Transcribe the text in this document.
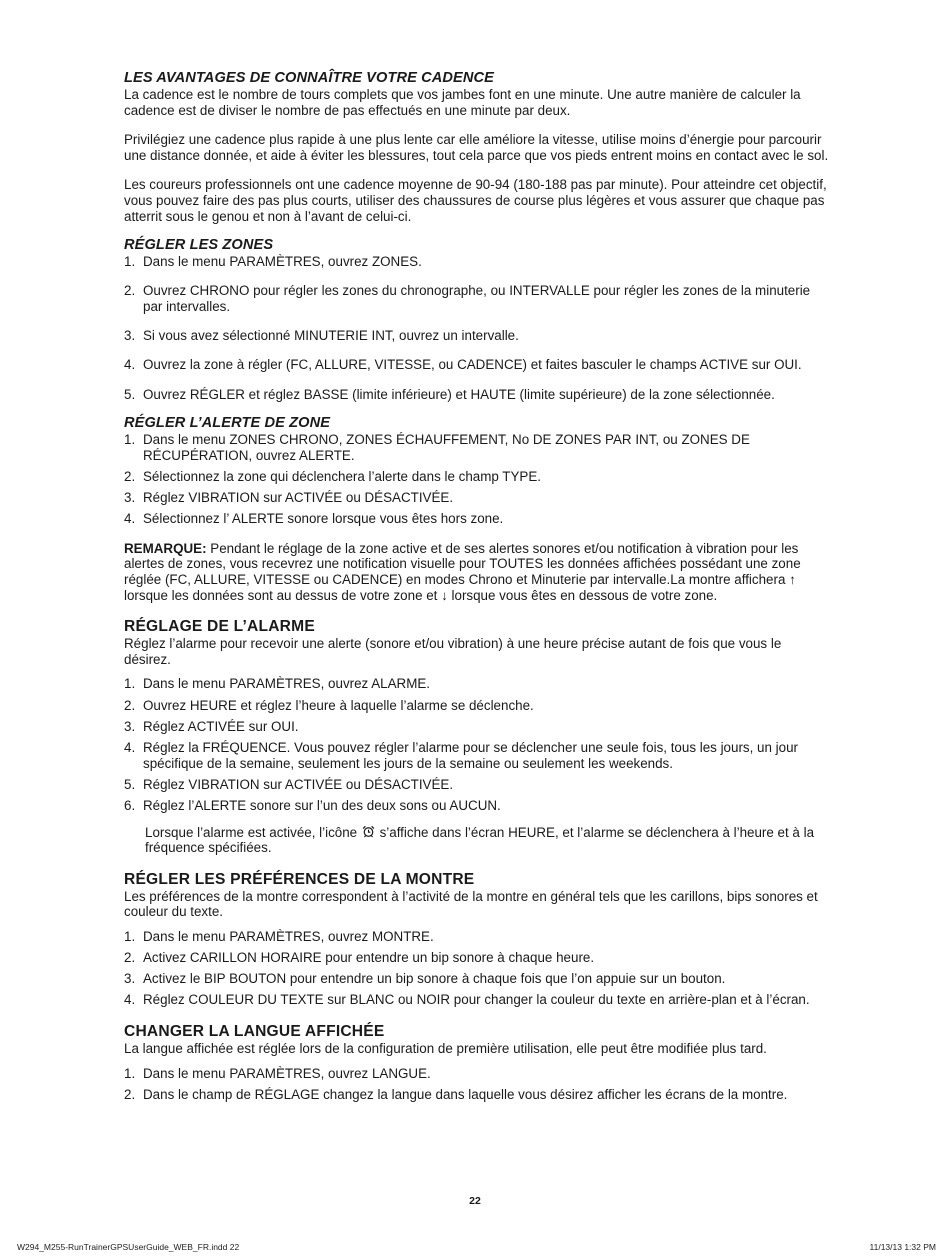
LES AVANTAGES DE CONNAÎTRE VOTRE CADENCE

La cadence est le nombre de tours complets que vos jambes font en une minute. Une autre manière de calculer la cadence est de diviser le nombre de pas effectués en une minute par deux.

Privilégiez une cadence plus rapide à une plus lente car elle améliore la vitesse, utilise moins d’énergie pour parcourir une distance donnée, et aide à éviter les blessures, tout cela parce que vos pieds entrent moins en contact avec le sol.

Les coureurs professionnels ont une cadence moyenne de 90-94 (180-188 pas par minute). Pour atteindre cet objectif, vous pouvez faire des pas plus courts, utiliser des chaussures de course plus légères et vous assurer que chaque pas atterrit sous le genou et non à l’avant de celui-ci.

RÉGLER LES ZONES
1. Dans le menu PARAMÈTRES, ouvrez ZONES.
2. Ouvrez CHRONO pour régler les zones du chronographe, ou INTERVALLE pour régler les zones de la minuterie par intervalles.
3. Si vous avez sélectionné MINUTERIE INT, ouvrez un intervalle.
4. Ouvrez la zone à régler (FC, ALLURE, VITESSE, ou CADENCE) et faites basculer le champs ACTIVE sur OUI.
5. Ouvrez RÉGLER et réglez BASSE (limite inférieure) et HAUTE (limite supérieure) de la zone sélectionnée.
RÉGLER L’ALERTE DE ZONE
1. Dans le menu ZONES CHRONO, ZONES ÉCHAUFFEMENT, No DE ZONES PAR INT, ou ZONES DE RÉCUPÉRATION, ouvrez ALERTE.
2. Sélectionnez la zone qui déclenchera l’alerte dans le champ TYPE.
3. Réglez VIBRATION sur ACTIVÉE ou DÉSACTIVÉE.
4. Sélectionnez l’ ALERTE sonore lorsque vous êtes hors zone.

REMARQUE: Pendant le réglage de la zone active et de ses alertes sonores et/ou notification à vibration pour les alertes de zones, vous recevrez une notification visuelle pour TOUTES les données affichées possédant une zone réglée (FC, ALLURE, VITESSE ou CADENCE) en modes Chrono et Minuterie par intervalle.La montre affichera ↑ lorsque les données sont au dessus de votre zone et ↓ lorsque vous êtes en dessous de votre zone.

RÉGLAGE DE L’ALARME

Réglez l’alarme pour recevoir une alerte (sonore et/ou vibration) à une heure précise autant de fois que vous le désirez.

1. Dans le menu PARAMÈTRES, ouvrez ALARME.
2. Ouvrez HEURE et réglez l’heure à laquelle l’alarme se déclenche.
3. Réglez ACTIVÉE sur OUI.
4. Réglez la FRÉQUENCE. Vous pouvez régler l’alarme pour se déclencher une seule fois, tous les jours, un jour spécifique de la semaine, seulement les jours de la semaine ou seulement les weekends.
5. Réglez VIBRATION sur ACTIVÉE ou DÉSACTIVÉE.
6. Réglez l’ALERTE sonore sur l’un des deux sons ou AUCUN.

Lorsque l’alarme est activée, l’icône  s’affiche dans l’écran HEURE, et l’alarme se déclenchera à l’heure et à la fréquence spécifiées.

RÉGLER LES PRÉFÉRENCES DE LA MONTRE

Les préférences de la montre correspondent à l’activité de la montre en général tels que les carillons, bips sonores et couleur du texte.

1. Dans le menu PARAMÈTRES, ouvrez MONTRE.
2. Activez CARILLON HORAIRE pour entendre un bip sonore à chaque heure.
3. Activez le BIP BOUTON pour entendre un bip sonore à chaque fois que l’on appuie sur un bouton.
4. Réglez COULEUR DU TEXTE sur BLANC ou NOIR pour changer la couleur du texte en arrière-plan et à l’écran.
CHANGER LA LANGUE AFFICHÉE

La langue affichée est réglée lors de la configuration de première utilisation, elle peut être modifiée plus tard.

1. Dans le menu PARAMÈTRES, ouvrez LANGUE.
2. Dans le champ de RÉGLAGE changez la langue dans laquelle vous désirez afficher les écrans de la montre.
22
W294_M255-RunTrainerGPSUserGuide_WEB_FR.indd 22	11/13/13 1:32 PM
